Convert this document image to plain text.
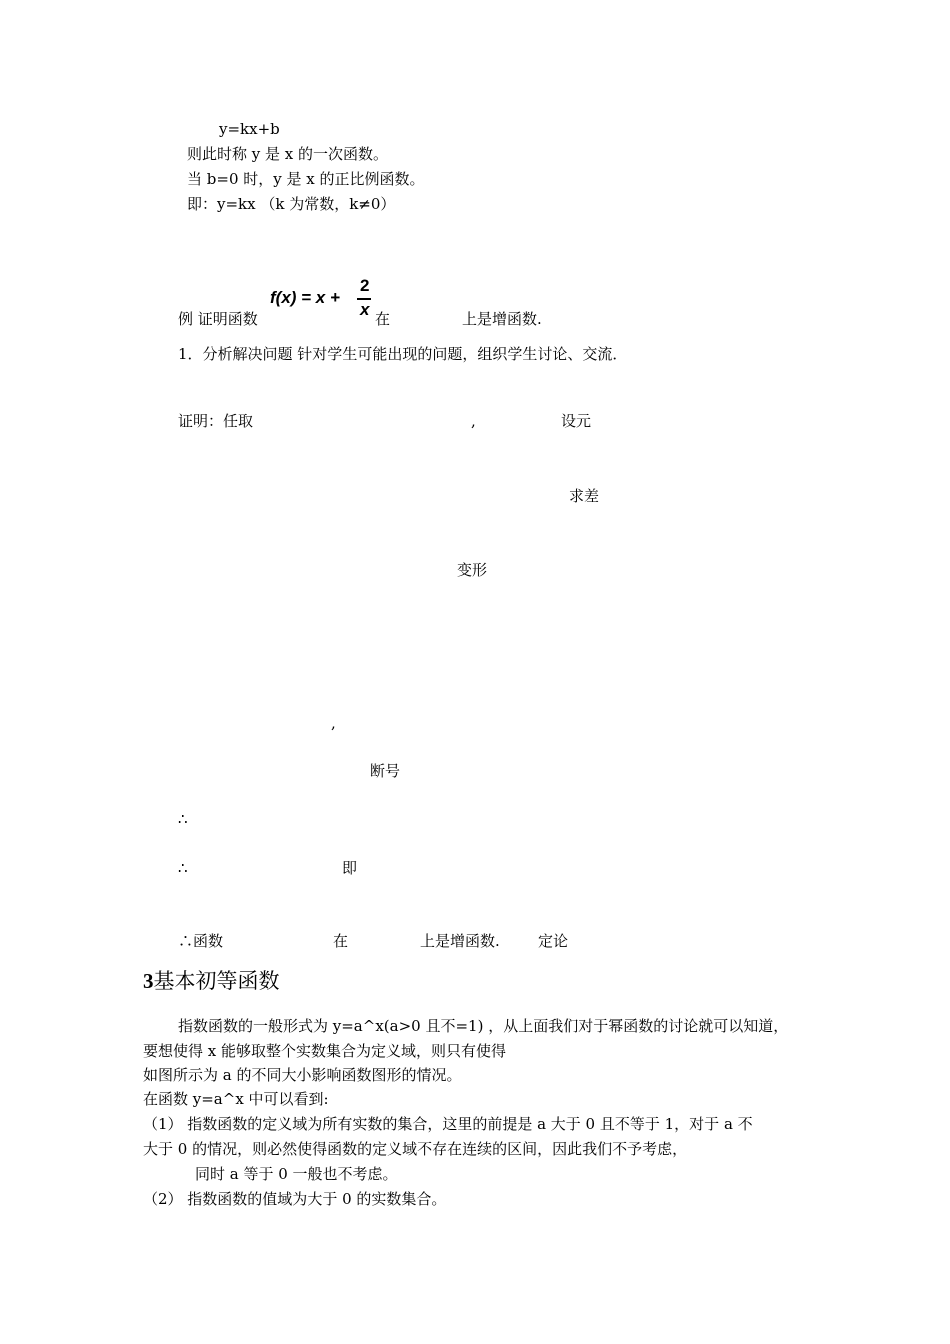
y=kx+b
则此时称 y 是 x 的一次函数。
当 b=0 时，y 是 x 的正比例函数。
即：y=kx （k 为常数，k≠0）
例 证明函数
f(x) = x +
2
x 在	上是增函数.
1．分析解决问题 针对学生可能出现的问题，组织学生讨论、交流．
证明：任取	,	设元
求差
变形
,
断号
∴
∴	即
∴函数	在	上是增函数.	定论
3基本初等函数
指数函数的一般形式为 y=a^x(a>0 且不=1) ，从上面我们对于幂函数的讨论就可以知道，
要想使得 x 能够取整个实数集合为定义域，则只有使得
如图所示为 a 的不同大小影响函数图形的情况。
在函数 y=a^x 中可以看到:
（1） 指数函数的定义域为所有实数的集合，这里的前提是 a 大于 0 且不等于 1，对于 a 不
大于 0 的情况，则必然使得函数的定义域不存在连续的区间，因此我们不予考虑，
同时 a 等于 0 一般也不考虑。
（2） 指数函数的值域为大于 0 的实数集合。
